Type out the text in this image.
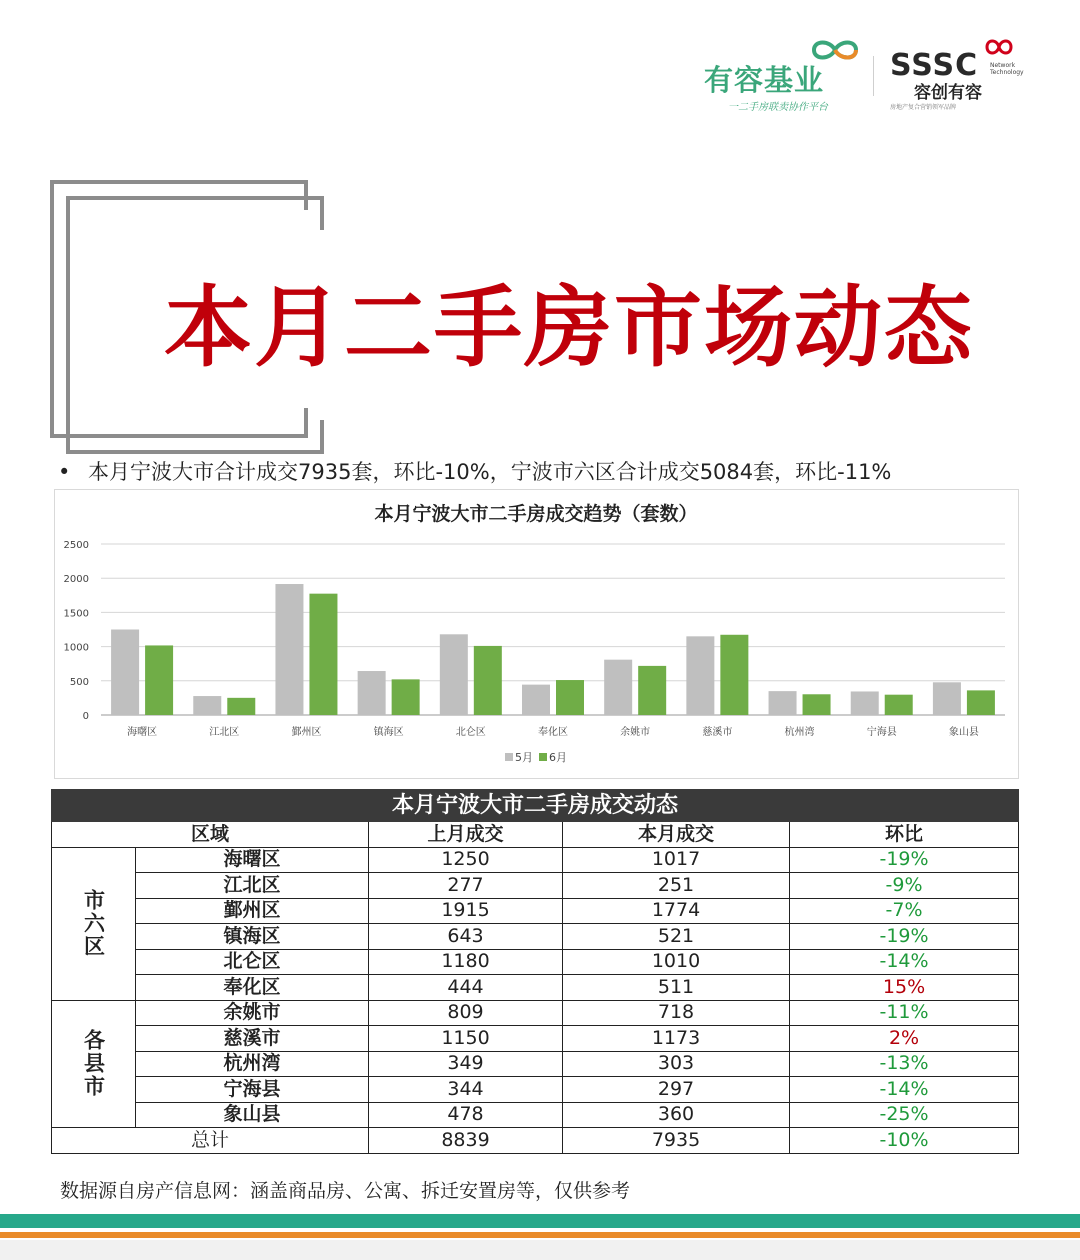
有容基业
一二手房联卖协作平台
SSSC Network Technology
容创有容
房地产复合营销领军品牌
本月二手房市场动态
• 本月宁波大市合计成交7935套，环比-10%，宁波市六区合计成交5084套，环比-11%
本月宁波大市二手房成交趋势（套数）
0
500
1000
1500
2000
2500
海曙区	江北区	鄞州区	镇海区	北仑区	奉化区	余姚市	慈溪市	杭州湾	宁海县	象山县
5月 6月
本月宁波大市二手房成交动态				
区域		上月成交	本月成交	环比
市六区	海曙区	1250	1017	-19%
	江北区	277	251	-9%
	鄞州区	1915	1774	-7%
	镇海区	643	521	-19%
	北仑区	1180	1010	-14%
	奉化区	444	511	15%
各县市	余姚市	809	718	-11%
	慈溪市	1150	1173	2%
	杭州湾	349	303	-13%
	宁海县	344	297	-14%
	象山县	478	360	-25%
总计		8839	7935	-10%
数据源自房产信息网：涵盖商品房、公寓、拆迁安置房等，仅供参考
